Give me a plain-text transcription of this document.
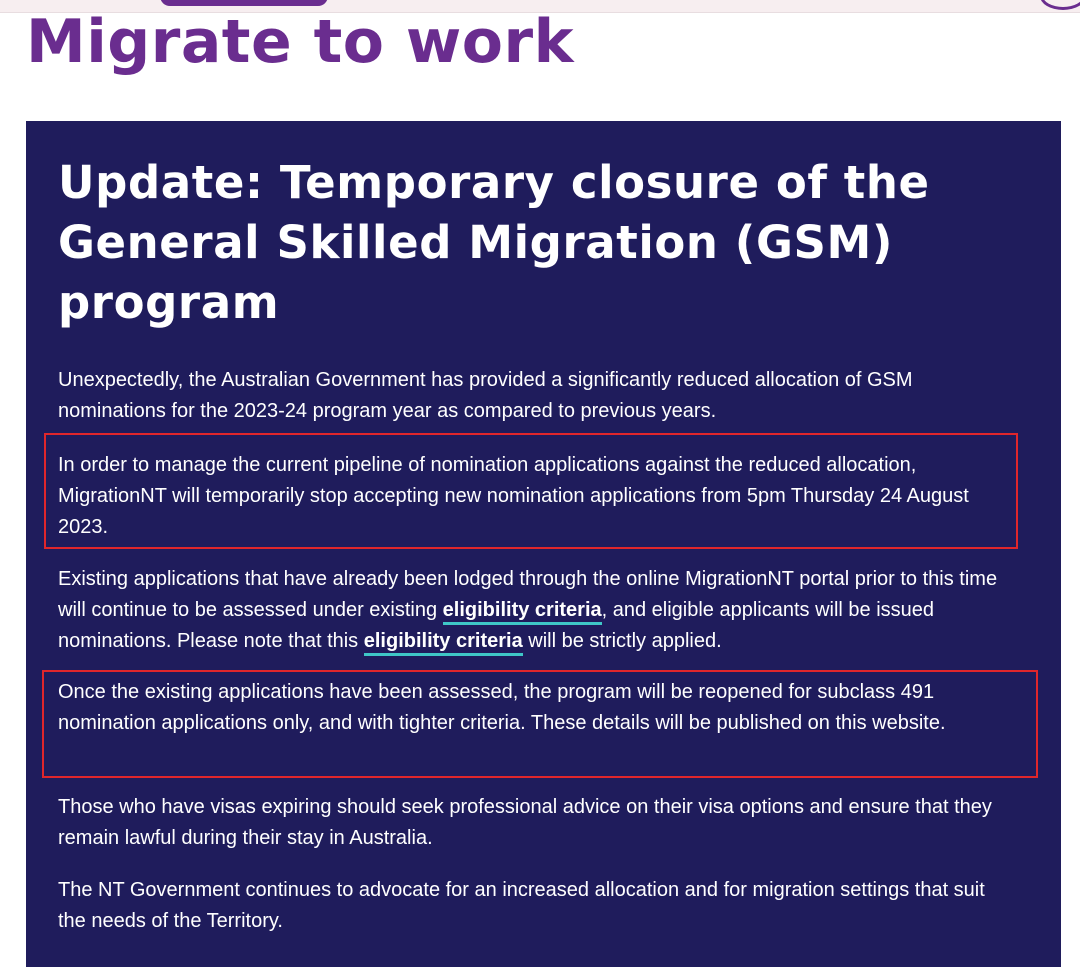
Migrate to work
Update: Temporary closure of the General Skilled Migration (GSM) program

Unexpectedly, the Australian Government has provided a significantly reduced allocation of GSM nominations for the 2023-24 program year as compared to previous years.

In order to manage the current pipeline of nomination applications against the reduced allocation, MigrationNT will temporarily stop accepting new nomination applications from 5pm Thursday 24 August 2023.

Existing applications that have already been lodged through the online MigrationNT portal prior to this time will continue to be assessed under existing eligibility criteria, and eligible applicants will be issued nominations. Please note that this eligibility criteria will be strictly applied.

Once the existing applications have been assessed, the program will be reopened for subclass 491 nomination applications only, and with tighter criteria. These details will be published on this website.

Those who have visas expiring should seek professional advice on their visa options and ensure that they remain lawful during their stay in Australia.

The NT Government continues to advocate for an increased allocation and for migration settings that suit the needs of the Territory.
